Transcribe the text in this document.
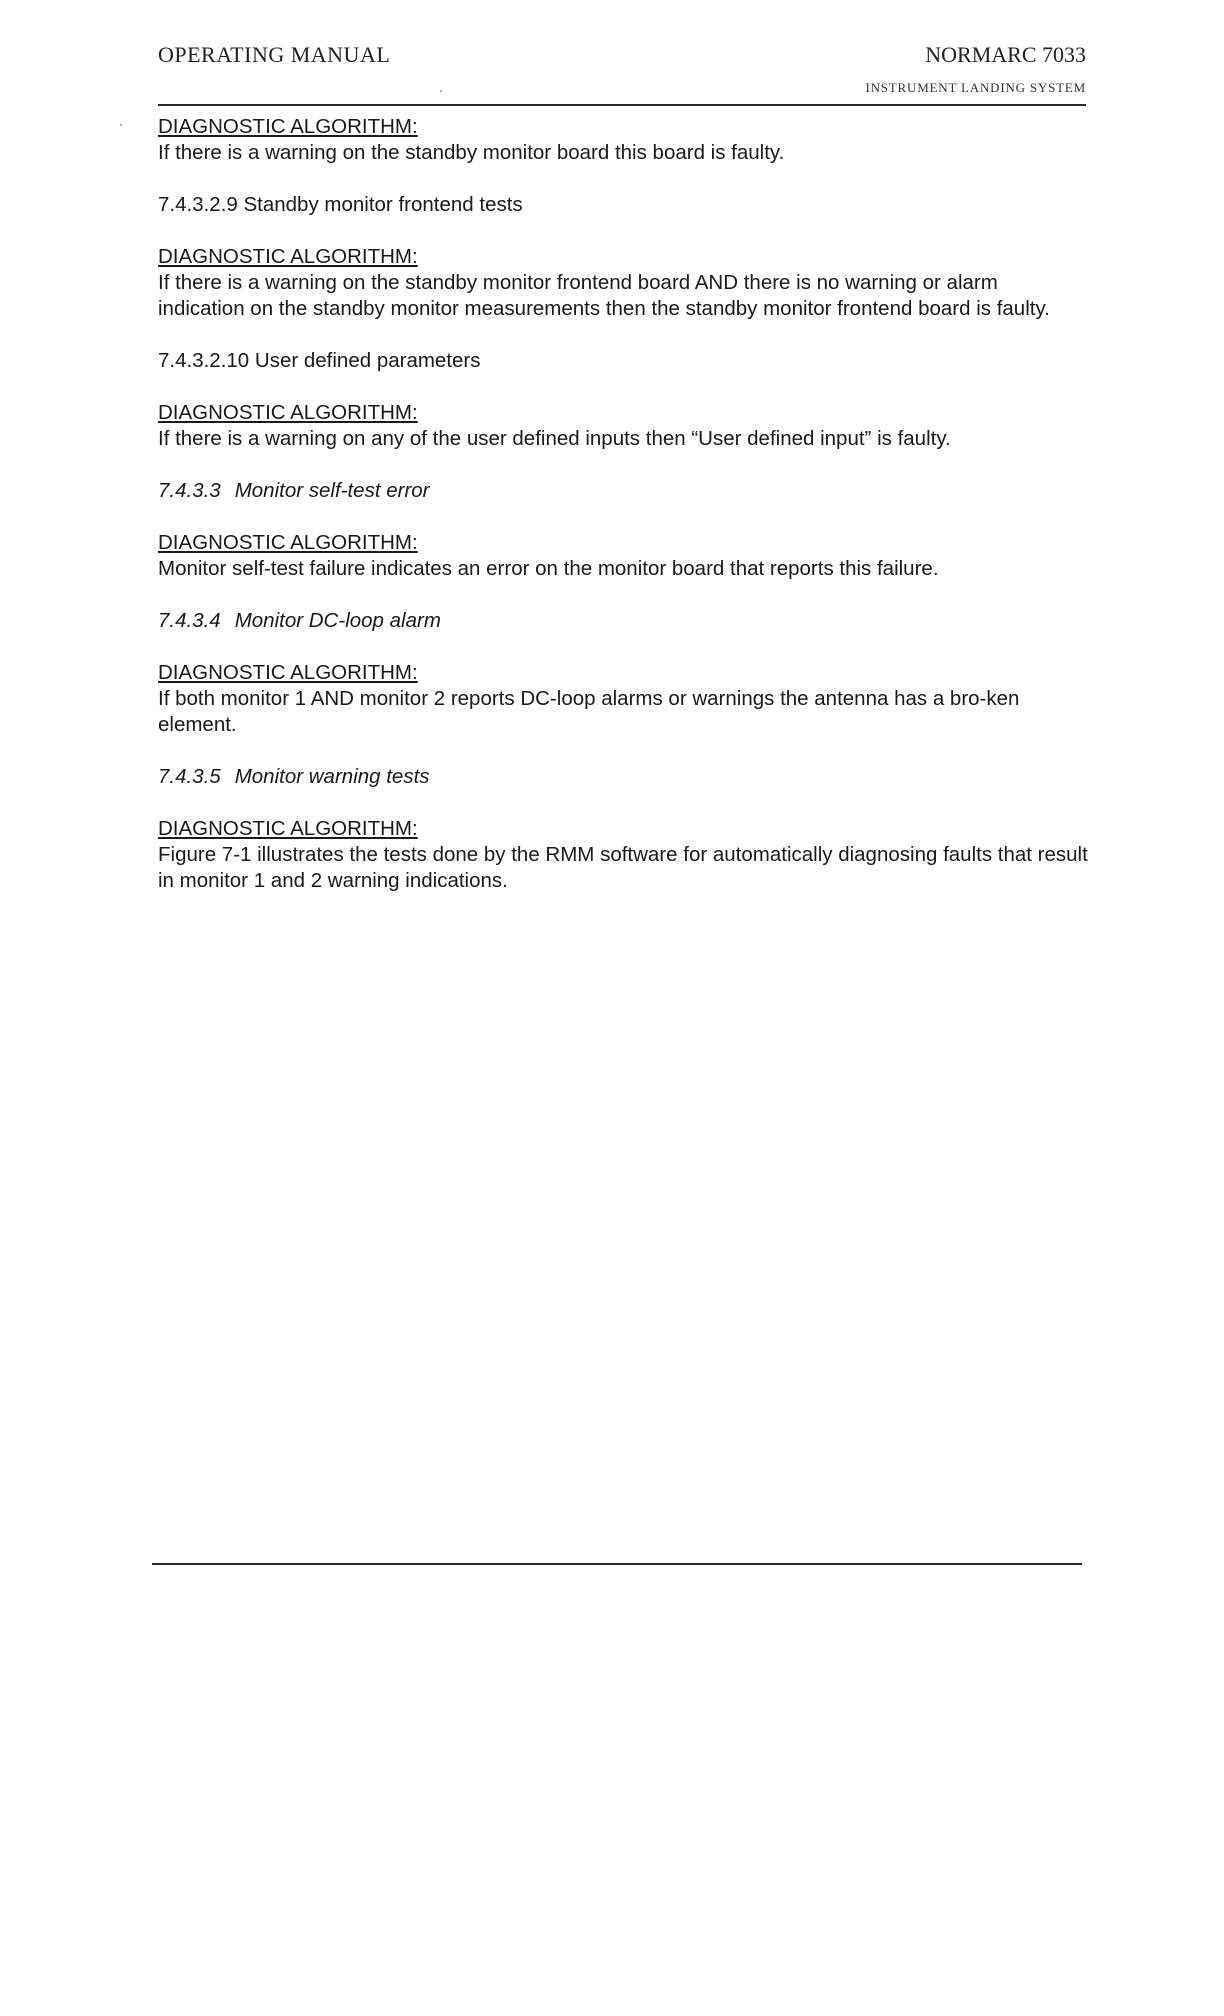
OPERATING MANUAL	NORMARC 7033
INSTRUMENT LANDING SYSTEM

DIAGNOSTIC ALGORITHM:

If there is a warning on the standby monitor board this board is faulty.

7.4.3.2.9 Standby monitor frontend tests

DIAGNOSTIC ALGORITHM:

If there is a warning on the standby monitor frontend board AND there is no warning or alarm indication on the standby monitor measurements then the standby monitor frontend board is faulty.

7.4.3.2.10 User defined parameters

DIAGNOSTIC ALGORITHM:

If there is a warning on any of the user defined inputs then “User defined input” is faulty.

7.4.3.3 Monitor self-test error

DIAGNOSTIC ALGORITHM:

Monitor self-test failure indicates an error on the monitor board that reports this failure.

7.4.3.4 Monitor DC-loop alarm

DIAGNOSTIC ALGORITHM:

If both monitor 1 AND monitor 2 reports DC-loop alarms or warnings the antenna has a bro-ken element.

7.4.3.5 Monitor warning tests

DIAGNOSTIC ALGORITHM:

Figure 7-1 illustrates the tests done by the RMM software for automatically diagnosing faults that result in monitor 1 and 2 warning indications.
